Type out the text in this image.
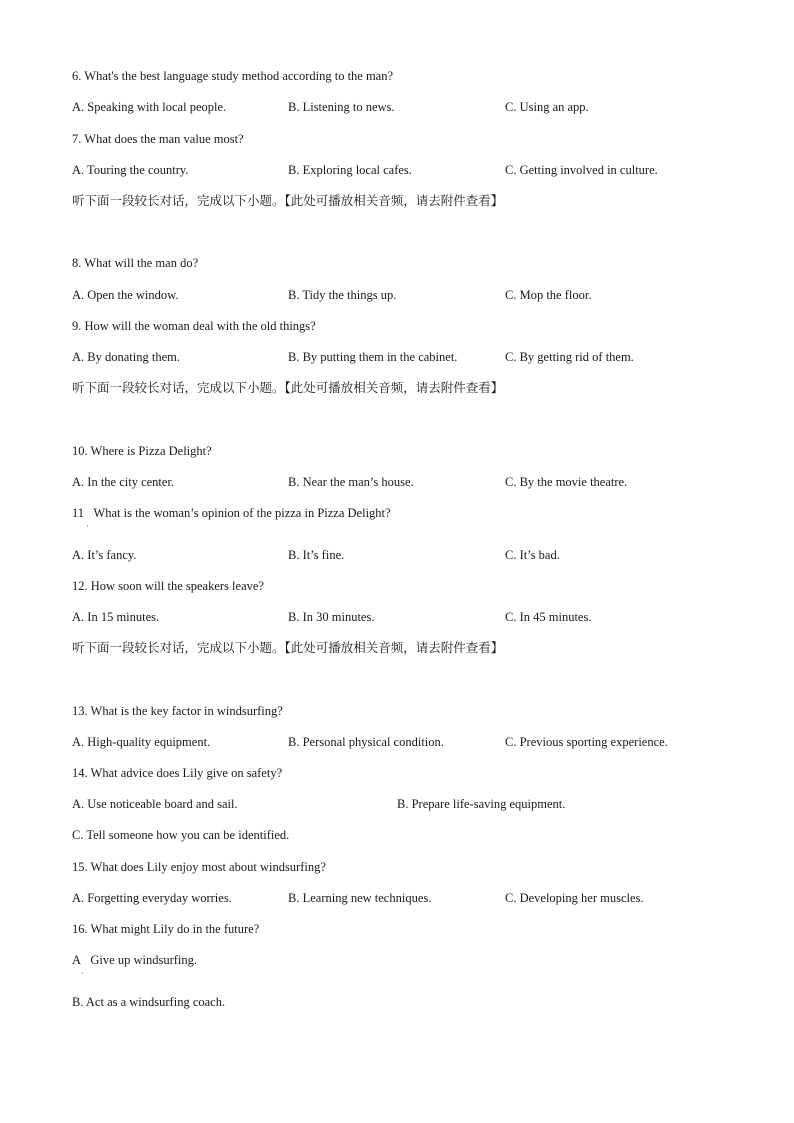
6. What's the best language study method according to the man?
A. Speaking with local people.	B. Listening to news.	C. Using an app.
7. What does the man value most?
A. Touring the country.	B. Exploring local cafes.	C. Getting involved in culture.
听下面一段较长对话，完成以下小题。【此处可播放相关音频，请去附件查看】
8. What will the man do?
A. Open the window.	B. Tidy the things up.	C. Mop the floor.
9. How will the woman deal with the old things?
A. By donating them.	B. By putting them in the cabinet.	C. By getting rid of them.
听下面一段较长对话，完成以下小题。【此处可播放相关音频，请去附件查看】
10. Where is Pizza Delight?
A. In the city center.	B. Near the man’s house.	C. By the movie theatre.
11 What is the woman’s opinion of the pizza in Pizza Delight?
·
A. It’s fancy.	B. It’s fine.	C. It’s bad.
12. How soon will the speakers leave?
A. In 15 minutes.	B. In 30 minutes.	C. In 45 minutes.
听下面一段较长对话，完成以下小题。【此处可播放相关音频，请去附件查看】
13. What is the key factor in windsurfing?
A. High-quality equipment.	B. Personal physical condition.	C. Previous sporting experience.
14. What advice does Lily give on safety?
A. Use noticeable board and sail.	B. Prepare life-saving equipment.
C. Tell someone how you can be identified.
15. What does Lily enjoy most about windsurfing?
A. Forgetting everyday worries.	B. Learning new techniques.	C. Developing her muscles.
16. What might Lily do in the future?
A Give up windsurfing.
·
B. Act as a windsurfing coach.
